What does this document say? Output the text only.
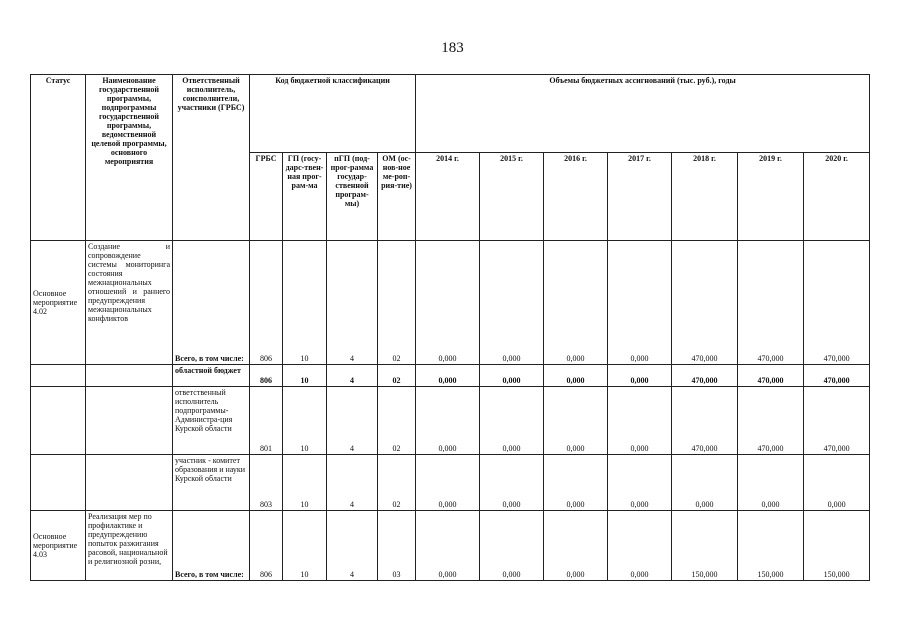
183
Статус	Наименование государственной программы, подпрограммы государственной программы, ведомственной целевой программы, основного мероприятия	Ответственный исполнитель, соисполнители, участники (ГРБС)	Код бюджетной классификации				Объемы бюджетных ассигнований (тыс. руб.), годы						
			ГРБС	ГП (госу-дарс-твен-ная прог-рам-ма	пГП (под-прог-рамма государ-ственной програм-мы)	ОМ (ос-нов-ное ме-роп-рия-тие)	2014 г.	2015 г.	2016 г.	2017 г.	2018 г.	2019 г.	2020 г.
Основное мероприятие 4.02	Создание и сопровождение системы мониторинга состояния межнациональных отношений и раннего предупреждения межнациональных конфликтов	Всего, в том числе:	806	10	4	02	0,000	0,000	0,000	0,000	470,000	470,000	470,000
		областной бюджет	806	10	4	02	0,000	0,000	0,000	0,000	470,000	470,000	470,000
		ответственный исполнитель подпрограммы-Администра-ция Курской области	801	10	4	02	0,000	0,000	0,000	0,000	470,000	470,000	470,000
		участник - комитет образования и науки Курской области	803	10	4	02	0,000	0,000	0,000	0,000	0,000	0,000	0,000
Основное мероприятие 4.03	Реализация мер по профилактике и предупреждению попыток разжигания расовой, национальной и религиозной розни,	Всего, в том числе:	806	10	4	03	0,000	0,000	0,000	0,000	150,000	150,000	150,000
